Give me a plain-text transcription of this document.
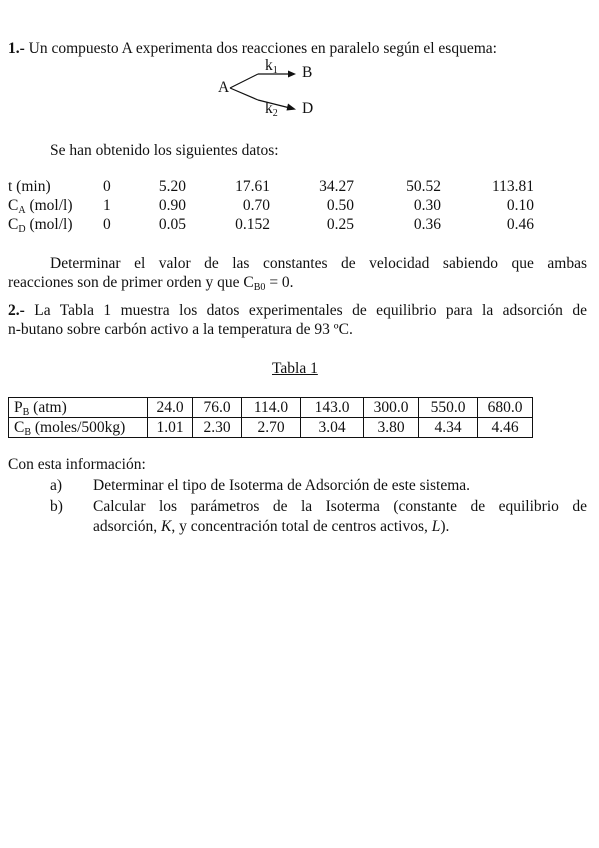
1.- Un compuesto A experimenta dos reacciones en paralelo según el esquema:
A
$k_1$ B
$k_2$ D
Se han obtenido los siguientes datos:
t (min)	0	5.20	17.61	34.27	50.52	113.81
$C_A$ (mol/l) 1	0.90	0.70	0.50	0.30	0.10
$C_D$ (mol/l) 0	0.05	0.152	0.25	0.36	0.46
Determinar el valor de las constantes de velocidad sabiendo que ambas
reacciones son de primer orden y que $C_{B0} = 0$.
2.- La Tabla 1 muestra los datos experimentales de equilibrio para la adsorción de
n-butano sobre carbón activo a la temperatura de 93 ºC.
Tabla 1
$P_B$ (atm)	24.0	76.0	114.0	143.0	300.0	550.0	680.0
$C_B$ (moles/500kg)	1.01	2.30	2.70	3.04	3.80	4.34	4.46
Con esta información:
a) Determinar el tipo de Isoterma de Adsorción de este sistema.
b) Calcular los parámetros de la Isoterma (constante de equilibrio de
adsorción, K, y concentración total de centros activos, L).
